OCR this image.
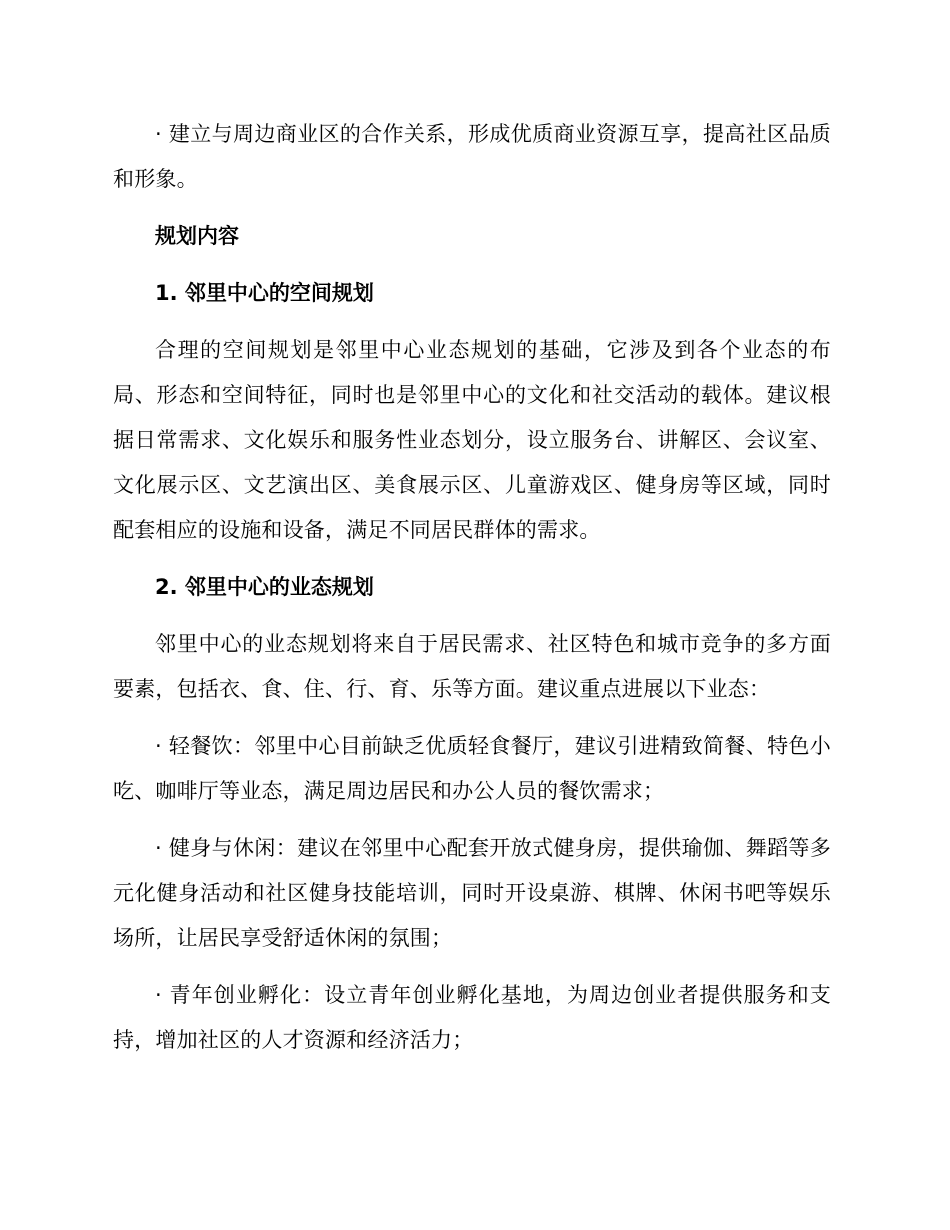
· 建立与周边商业区的合作关系，形成优质商业资源互享，提高社区品质和形象。

规划内容

1. 邻里中心的空间规划

合理的空间规划是邻里中心业态规划的基础，它涉及到各个业态的布局、形态和空间特征，同时也是邻里中心的文化和社交活动的载体。建议根据日常需求、文化娱乐和服务性业态划分，设立服务台、讲解区、会议室、文化展示区、文艺演出区、美食展示区、儿童游戏区、健身房等区域，同时配套相应的设施和设备，满足不同居民群体的需求。

2. 邻里中心的业态规划

邻里中心的业态规划将来自于居民需求、社区特色和城市竞争的多方面要素，包括衣、食、住、行、育、乐等方面。建议重点进展以下业态：

· 轻餐饮：邻里中心目前缺乏优质轻食餐厅，建议引进精致简餐、特色小吃、咖啡厅等业态，满足周边居民和办公人员的餐饮需求；

· 健身与休闲：建议在邻里中心配套开放式健身房，提供瑜伽、舞蹈等多元化健身活动和社区健身技能培训，同时开设桌游、棋牌、休闲书吧等娱乐场所，让居民享受舒适休闲的氛围；

· 青年创业孵化：设立青年创业孵化基地，为周边创业者提供服务和支持，增加社区的人才资源和经济活力；
